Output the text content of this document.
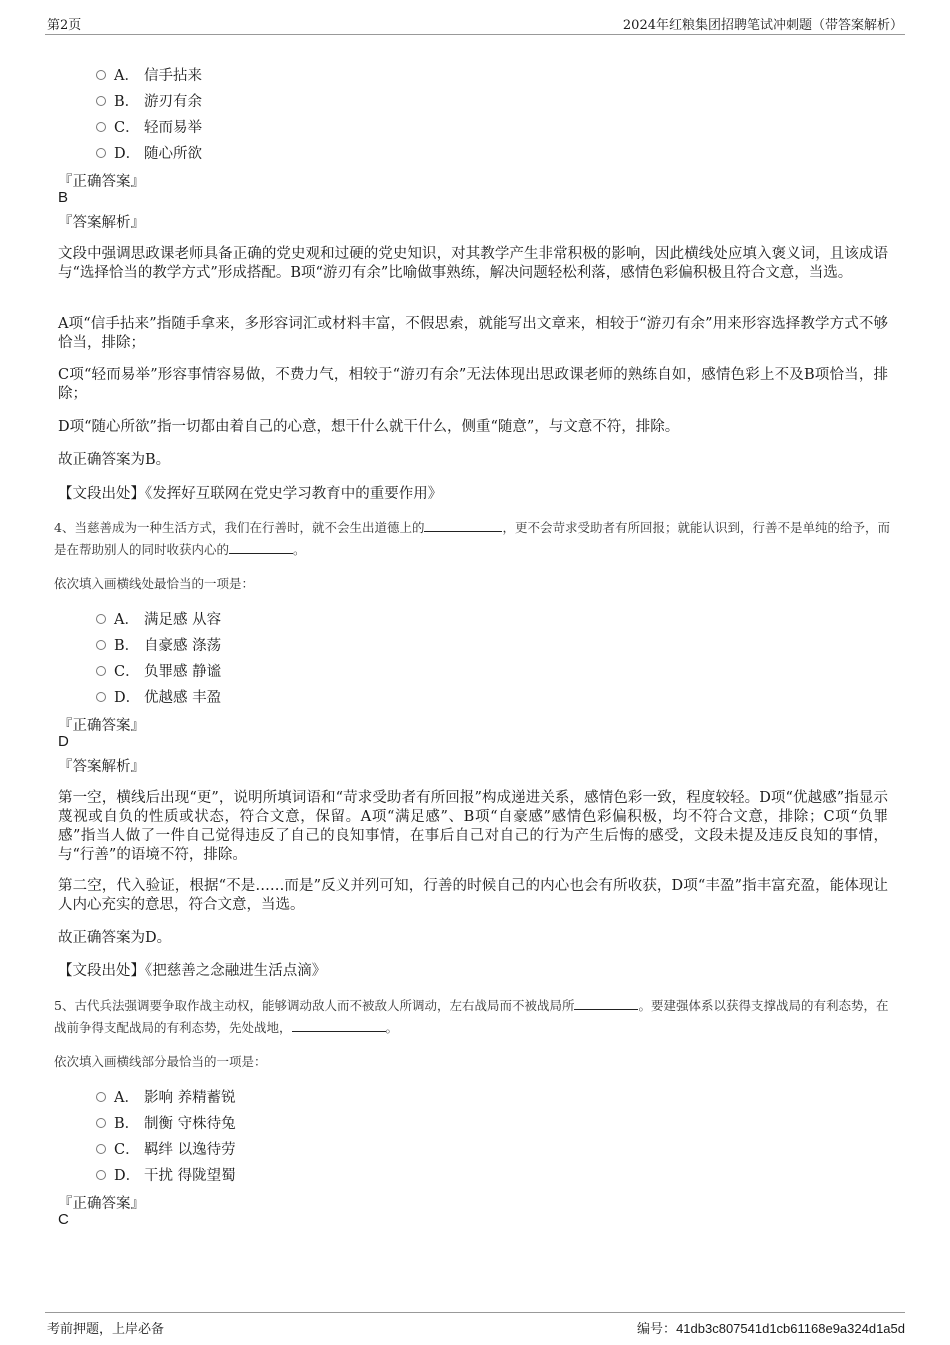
第2页	2024年红粮集团招聘笔试冲刺题（带答案解析）
A． 信手拈来
B． 游刃有余
C． 轻而易举
D． 随心所欲
『正确答案』
B
『答案解析』
文段中强调思政课老师具备正确的党史观和过硬的党史知识，对其教学产生非常积极的影响，因此横线处应填入褒义词，且该成语与“选择恰当的教学方式”形成搭配。B项“游刃有余”比喻做事熟练，解决问题轻松利落，感情色彩偏积极且符合文意，当选。
A项“信手拈来”指随手拿来，多形容词汇或材料丰富，不假思索，就能写出文章来，相较于“游刃有余”用来形容选择教学方式不够恰当，排除；
C项“轻而易举”形容事情容易做，不费力气，相较于“游刃有余”无法体现出思政课老师的熟练自如，感情色彩上不及B项恰当，排除；
D项“随心所欲”指一切都由着自己的心意，想干什么就干什么，侧重“随意”，与文意不符，排除。
故正确答案为B。
【文段出处】《发挥好互联网在党史学习教育中的重要作用》
4、当慈善成为一种生活方式，我们在行善时，就不会生出道德上的	，更不会苛求受助者有所回报；就能认识到，行善不是单纯的给予，而是在帮助别人的同时收获内心的	。
依次填入画横线处最恰当的一项是：
A． 满足感 从容
B． 自豪感 涤荡
C． 负罪感 静谧
D． 优越感 丰盈
『正确答案』
D
『答案解析』
第一空，横线后出现“更”，说明所填词语和“苛求受助者有所回报”构成递进关系，感情色彩一致，程度较轻。D项“优越感”指显示蔑视或自负的性质或状态，符合文意，保留。A项“满足感”、B项“自豪感”感情色彩偏积极，均不符合文意，排除；C项“负罪感”指当人做了一件自己觉得违反了自己的良知事情，在事后自己对自己的行为产生后悔的感受，文段未提及违反良知的事情，与“行善”的语境不符，排除。
第二空，代入验证，根据“不是……而是”反义并列可知，行善的时候自己的内心也会有所收获，D项“丰盈”指丰富充盈，能体现让人内心充实的意思，符合文意，当选。
故正确答案为D。
【文段出处】《把慈善之念融进生活点滴》
5、古代兵法强调要争取作战主动权，能够调动敌人而不被敌人所调动，左右战局而不被战局所	。要建强体系以获得支撑战局的有利态势，在战前争得支配战局的有利态势，先处战地，	。
依次填入画横线部分最恰当的一项是：
A． 影响 养精蓄锐
B． 制衡 守株待兔
C． 羁绊 以逸待劳
D． 干扰 得陇望蜀
『正确答案』
C
考前押题，上岸必备	编号：41db3c807541d1cb61168e9a324d1a5d
